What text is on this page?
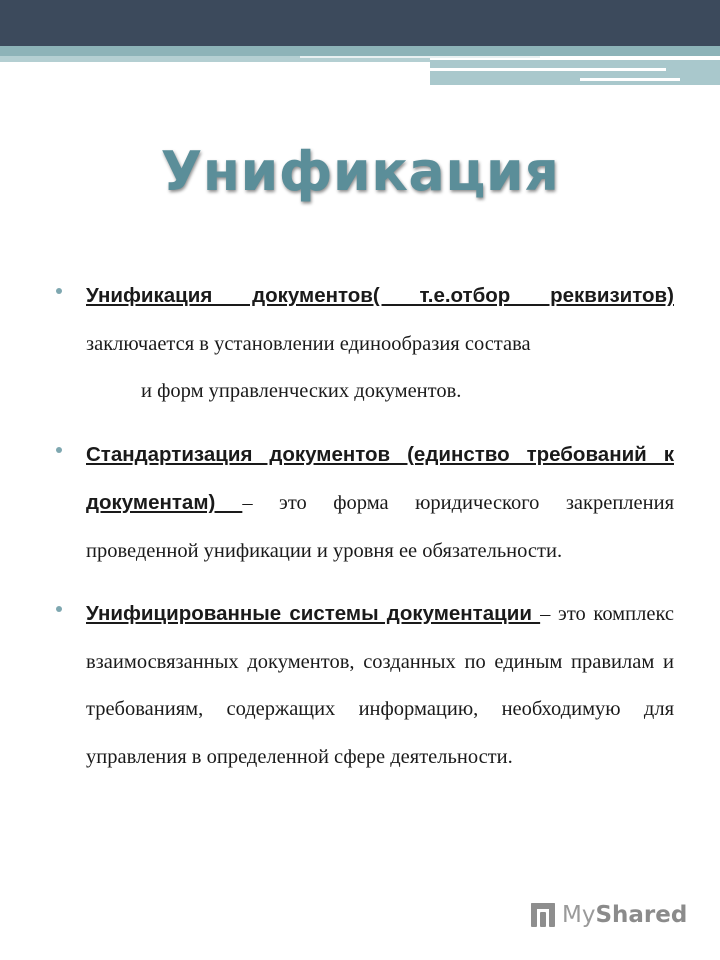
Унификация
Унификация документов( т.е.отбор реквизитов) заключается в установлении единообразия состава
и форм управленческих документов.
Стандартизация документов (единство требований к документам) – это форма юридического закрепления проведенной унификации и уровня ее обязательности.
Унифицированные системы документации – это комплекс взаимосвязанных документов, созданных по единым правилам и требованиям, содержащих информацию, необходимую для управления в определенной сфере деятельности.
MyShared
